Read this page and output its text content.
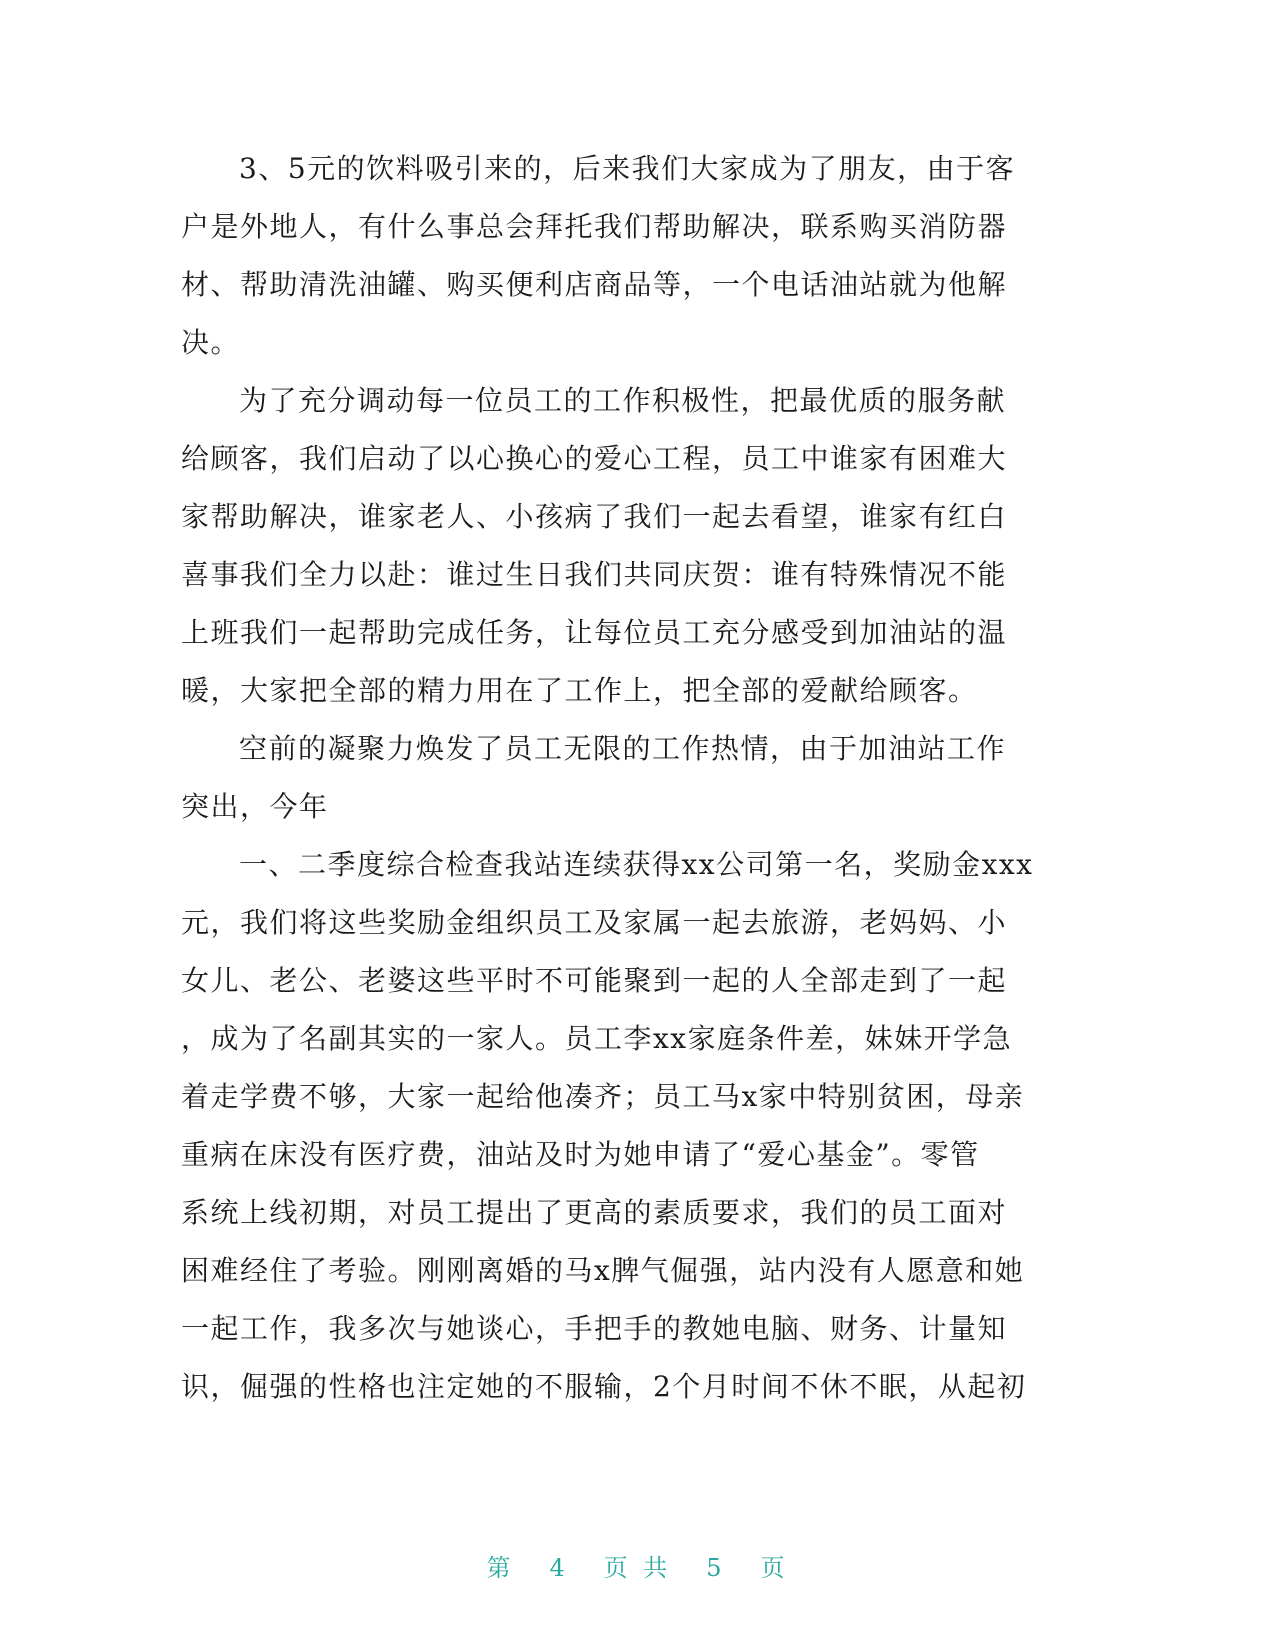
3、5元的饮料吸引来的，后来我们大家成为了朋友，由于客
户是外地人，有什么事总会拜托我们帮助解决，联系购买消防器
材、帮助清洗油罐、购买便利店商品等，一个电话油站就为他解
决。
为了充分调动每一位员工的工作积极性，把最优质的服务献
给顾客，我们启动了以心换心的爱心工程，员工中谁家有困难大
家帮助解决，谁家老人、小孩病了我们一起去看望，谁家有红白
喜事我们全力以赴：谁过生日我们共同庆贺：谁有特殊情况不能
上班我们一起帮助完成任务，让每位员工充分感受到加油站的温
暖，大家把全部的精力用在了工作上，把全部的爱献给顾客。
空前的凝聚力焕发了员工无限的工作热情，由于加油站工作
突出，今年
一、二季度综合检查我站连续获得xx公司第一名，奖励金xxx
元，我们将这些奖励金组织员工及家属一起去旅游，老妈妈、小
女儿、老公、老婆这些平时不可能聚到一起的人全部走到了一起
，成为了名副其实的一家人。员工李xx家庭条件差，妹妹开学急
着走学费不够，大家一起给他凑齐；员工马x家中特别贫困，母亲
重病在床没有医疗费，油站及时为她申请了“爱心基金”。零管
系统上线初期，对员工提出了更高的素质要求，我们的员工面对
困难经住了考验。刚刚离婚的马x脾气倔强，站内没有人愿意和她
一起工作，我多次与她谈心，手把手的教她电脑、财务、计量知
识，倔强的性格也注定她的不服输，2个月时间不休不眠，从起初
第 4 页 共 5 页
